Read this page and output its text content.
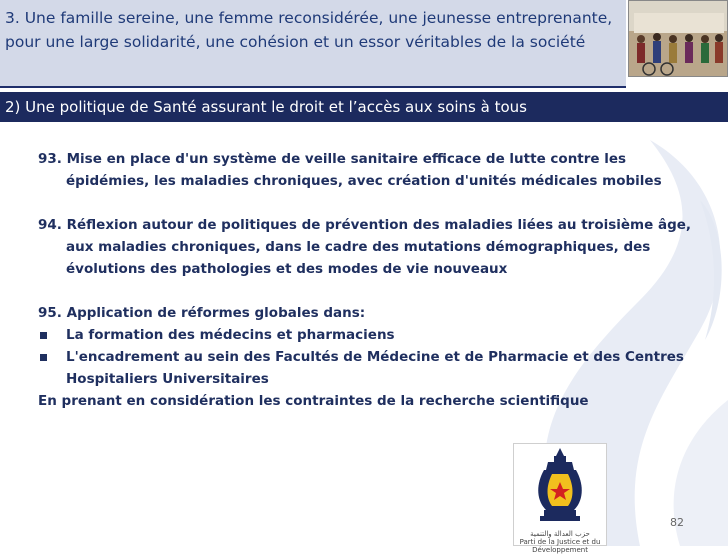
3. Une famille sereine, une femme reconsidérée, une jeunesse entreprenante, pour une large solidarité, une cohésion et un essor véritables de la société
2) Une politique de Santé assurant le droit et l’accès aux soins à tous
93. Mise en place d'un système de veille sanitaire efficace de lutte contre les
épidémies, les maladies chroniques, avec création d'unités médicales mobiles
94. Réflexion autour de politiques de prévention des maladies liées au troisième âge,
aux maladies chroniques, dans le cadre des mutations démographiques, des
évolutions des pathologies et des modes de vie nouveaux
95. Application de réformes globales dans:
La formation des médecins et pharmaciens
L'encadrement au sein des Facultés de Médecine et de Pharmacie et des Centres
Hospitaliers Universitaires
En prenant en considération les contraintes de la recherche scientifique
حزب العدالة والتنمية
Parti de la Justice et du Développement
82
